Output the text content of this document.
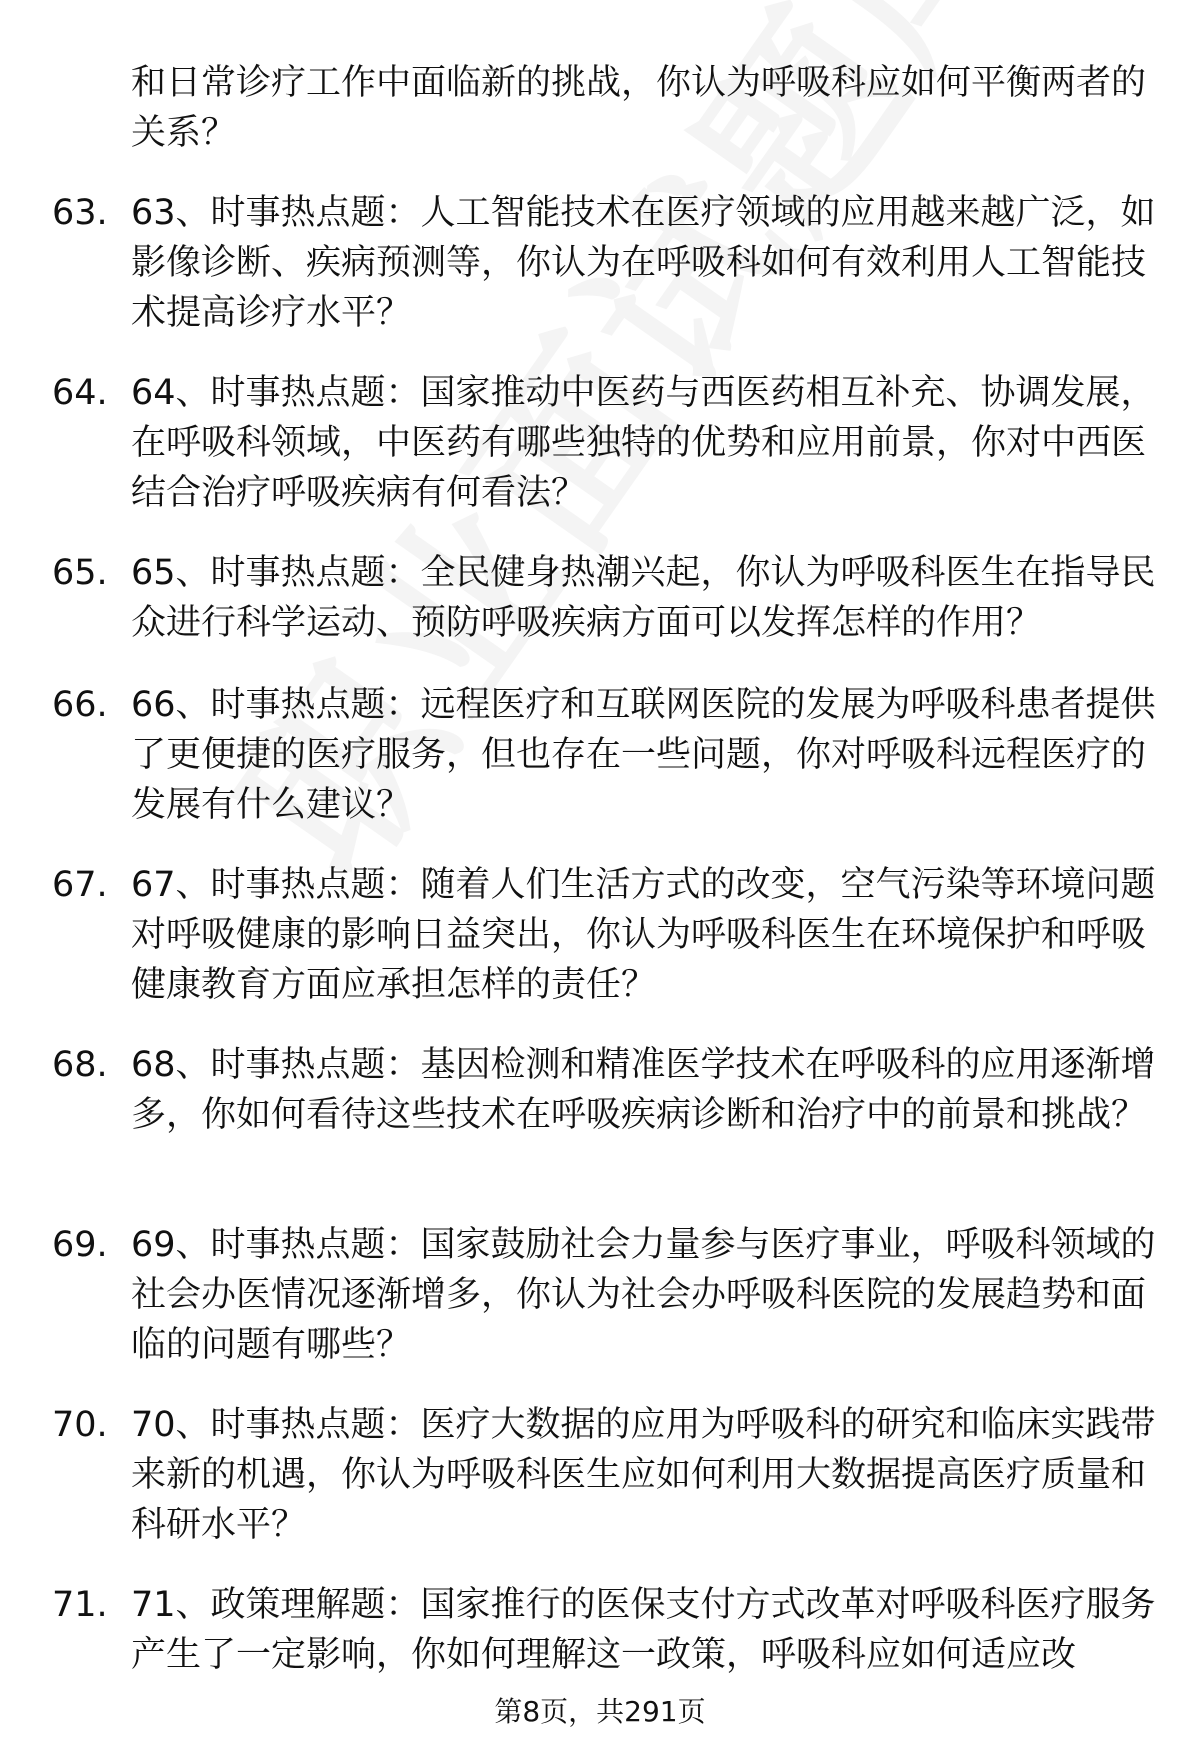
和日常诊疗工作中面临新的挑战，你认为呼吸科应如何平衡两者的关系？
63. 63、时事热点题：人工智能技术在医疗领域的应用越来越广泛，如影像诊断、疾病预测等，你认为在呼吸科如何有效利用人工智能技术提高诊疗水平？
64. 64、时事热点题：国家推动中医药与西医药相互补充、协调发展，在呼吸科领域，中医药有哪些独特的优势和应用前景，你对中西医结合治疗呼吸疾病有何看法？
65. 65、时事热点题：全民健身热潮兴起，你认为呼吸科医生在指导民众进行科学运动、预防呼吸疾病方面可以发挥怎样的作用？
66. 66、时事热点题：远程医疗和互联网医院的发展为呼吸科患者提供了更便捷的医疗服务，但也存在一些问题，你对呼吸科远程医疗的发展有什么建议？
67. 67、时事热点题：随着人们生活方式的改变，空气污染等环境问题对呼吸健康的影响日益突出，你认为呼吸科医生在环境保护和呼吸健康教育方面应承担怎样的责任？
68. 68、时事热点题：基因检测和精准医学技术在呼吸科的应用逐渐增多，你如何看待这些技术在呼吸疾病诊断和治疗中的前景和挑战？
69. 69、时事热点题：国家鼓励社会力量参与医疗事业，呼吸科领域的社会办医情况逐渐增多，你认为社会办呼吸科医院的发展趋势和面临的问题有哪些？
70. 70、时事热点题：医疗大数据的应用为呼吸科的研究和临床实践带来新的机遇，你认为呼吸科医生应如何利用大数据提高医疗质量和科研水平？
71. 71、政策理解题：国家推行的医保支付方式改革对呼吸科医疗服务产生了一定影响，你如何理解这一政策，呼吸科应如何适应改
第8页，共291页
